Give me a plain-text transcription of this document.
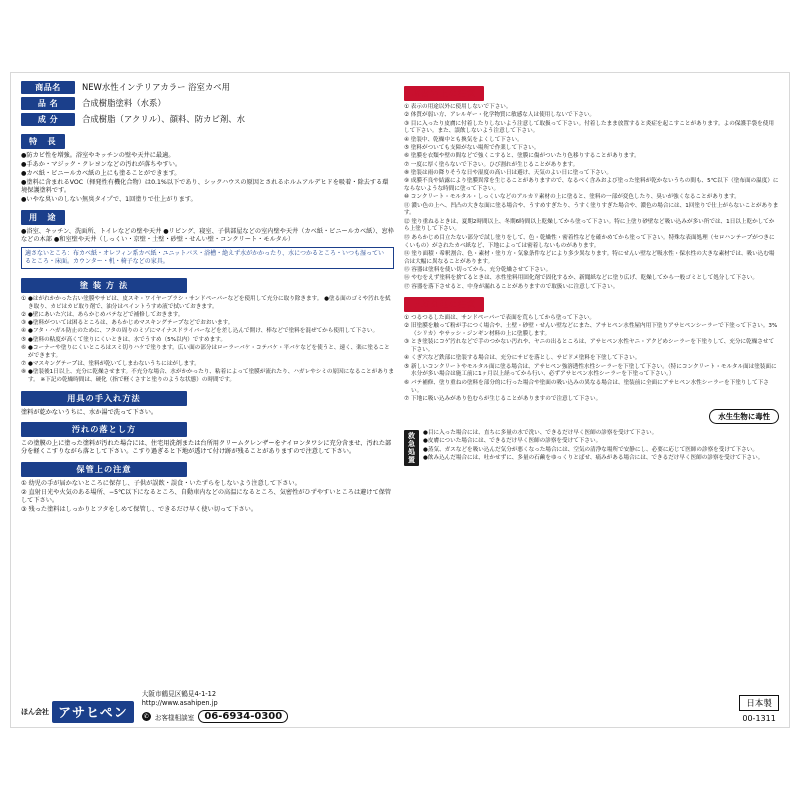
商品名	NEW水性インテリアカラー 浴室カベ用
品 名	合成樹脂塗料（水系）
成 分	合成樹脂（アクリル）、顔料、防カビ剤、水
特　長
●防カビ性を増強。浴室やキッチンの壁や天井に最適。
●手あか・マジック・クレヨンなどの汚れが落ちやすい。
●カベ紙・ビニールカベ紙の上にも塗ることができます。
●塗料に含まれるVOC（揮発性有機化合物）は0.1%以下であり、シックハウスの原因とされるホルムアルデヒドを吸着・除去する環境保護塗料です。
●いやな臭いのしない無臭タイプで、1回塗りで仕上がります。
用　途
●浴室、キッチン、洗面所、トイレなどの壁や天井 ●リビング、寝室、子供部屋などの室内壁や天井（カベ紙・ビニールカベ紙）、窓枠などの木部 ●和室壁や天井（しっくい・京壁・土壁・砂壁・せんい壁・コンクリート・モルタル）
適さないところ：布カベ紙・オレフィン系カベ紙・ユニットバス・浴槽・絶えず水がかかったり、水につかるところ・いつも湿っているところ・床面。カウンター・机・椅子などの家具。
塗 装 方 法
① ●はがれかかった古い塗膜やサビは、皮スキ・ワイヤーブラシ・サンドペーパーなどを使用して充分に取り除きます。 ●塗る面のゴミや汚れを拭き取り、カビはカビ取り剤で、油分はペイントうすめ液で拭いておきます。
② ●壁にあいた穴は、あらかじめパテなどで補修しておきます。
③ ●塗料がついては困るところは、あらかじめマスキングテープなどでおおいます。
④ ●フタ・ハガル防止のために、フタの周りのミゾにマイナスドライバーなどを差し込んで開け、棒などで塗料を混ぜてから使用して下さい。
⑤ ●塗料の粘度が高くて塗りにくいときは、水でうすめ（5%以内）ですめます。
⑥ ●コーナーや塗りにくいところはスミ切りハケで塗ります。広い面の部分はローラーバケ・コテバケ・平バケなどを使うと、速く、楽に塗ることができます。
⑦ ●マスキングテープは、塗料が乾いてしまわないうちにはがします。
⑧ ●塗装後1日以上、充分に乾燥させます。不充分な場合、水がかかったり、粘着によって塗膜が流れたり、ハガレやシミの原因になることがあります。 ※下記の乾燥時間は、硬化（指で軽くさすと塗りのような状態）の時間です。
用具の手入れ方法
塗料が乾かないうちに、水か湯で洗って下さい。
汚れの落とし方
この塗膜の上に塗った塗料が汚れた場合には、住宅用洗剤または台所用クリームクレンザーをナイロンタワシに充分含ませ、汚れた部分を軽くこすりながら落として下さい。こすり過ぎると下地が透けて付け跡が残ることがありますので注意して下さい。
保管上の注意
① 幼児の手が届かないところに保存し、子供が誤飲・誤食・いたずらをしないよう注意して下さい。
② 直射日光や火気のある場所、−5℃以下になるところ、自動車内などの高温になるところ、気密性がひずやすいところは避けて保管して下さい。
③ 残った塗料はしっかりとフタをしめて保管し、できるだけ早く使い切って下さい。
取扱い上の注意
① 表示の用途以外に使用しないで下さい。
② 体質が弱い方、アレルギー・化学物質に敏感な人は使用しないで下さい。
③ 目に入ったり皮膚に付着したりしないよう注意して取扱って下さい。付着したまま放置すると炎症を起こすことがあります。よの保護手袋を使用して下さい。また、誤飲しないよう注意して下さい。
④ 塗装中、乾燥中とも換気をよくして下さい。
⑤ 塗料がついても支障がない場所で作業して下さい。
⑥ 塗膜を衣類や壁の間などで強くこすると、塗膜に傷がついたり色移りすることがあります。
⑦ 一度に厚く塗らないで下さい。ひび割れが生じることがあります。
⑧ 塗装は雨の降りそうな日や湿度の高い日は避け、天気のよい日に塗って下さい。
⑨ 成膜不良や結露により塗膜異常を生じることがありますので、なるべく含みおよび塗った塗料が乾かないうちの間も、5℃以下（塗布面の温度）にならないような時間に塗って下さい。
⑩ コンクリート・モルタル・しっくいなどのアルカリ素材の上に塗ると、塗料の一部が変色したり、臭いが強くなることがあります。
⑪ 濃い色の上へ、凹凸の大きな面に塗る場合や、うすめすぎたり、うすく塗りすぎた場合や、濃色の場合には、1回塗りで仕上がらないことがあります。
⑫ 塗り重ねるときは、夏期2時間以上、冬期6時間以上乾燥してから塗って下さい。特に上塗り砂壁など吸い込みが多い所では、1日以上乾かしてから上塗りして下さい。
⑬ あらかじめ目立たない部分で試し塗りをして、色・乾燥性・密着性などを確かめてから塗って下さい。特殊な表面処理（セロハンテープがつきにくいもの）がされたカベ紙など、下地によっては密着しないものがあります。
⑭ 塗り面積・希釈割合、色・素材・塗り方・気象条件などにより多少異なります。特にせんい壁など吸水性・保水性の大きな素材では、吸い込む場合は大幅に異なることがあります。
⑮ 容器は塗料を使い切ってから、充分乾燥させて下さい。
⑯ やむをえず塗料を捨てるときは、水性塗料用固化剤で固化するか、新聞紙などに塗り広げ、乾燥してから一般ゴミとして処分して下さい。
⑰ 容器を落下させると、中身が漏れることがありますので取扱いに注意して下さい。
下地処理の注意
① つるつるした面は、サンドペーパーで表面を荒らしてから塗って下さい。
② 旧塗膜を触って粉が手につく場合や、土壁・砂壁・せんい壁などにまた、アサヒペン水性屋内用下塗りアサヒペンシーラーで下塗って下さい。3%（シリカ）やサッシ・ジンギン材料の上に塗膜します。
③ とき塗装にコゲ汚れなどで手のつかない汚れや、ヤニの出るところは、アサヒペン水性ヤニ・アクどめシーラーを下塗りして、充分に乾燥させて下さい。
④ くぎ穴など鉄部に塗装する場合は、充分にサビを落とし、サビドメ塗料を下塗して下さい。
⑤ 新しいコンクリートやモルタル面に塗る場合は、アサヒペン強溶透性水性シーラーを下塗して下さい。（特にコンクリート・モルタル面は塗装面に水分が多い場合は施工前に1ヶ月以上経ってから行い、必ずアサヒペン水性シーラーを下塗って下さい。）
⑥ パテ補修、塗り重ねの塗料を部分的に行った場合や塗面の吸い込みの異なる場合は、塗装前に全面にアサヒペン水性シーラーを下塗りして下さい。
⑦ 下地に吸い込みがあり色むらが生じることがありますので注意して下さい。
水生生物に毒性
救急処置 ●目に入った場合には、直ちに多量の水で洗い、できるだけ早く医師の診察を受けて下さい。
●皮膚についた場合には、できるだけ早く医師の診察を受けて下さい。
●蒸気、ガスなどを吸い込んだ気分が悪くなった場合には、空気の清浄な場所で安静にし、必要に応じて医師の診察を受けて下さい。
●飲み込んだ場合には、吐かせずに、多量の石鹸をゆっくりとばせ、痛みがある場合には、できるだけ早く医師の診察を受けて下さい。
ほん会社 アサヒペン
大阪市鶴見区鶴見4-1-12
http://www.asahipen.jp
✆ お客様相談室	06-6934-0300
日本製
00-1311
